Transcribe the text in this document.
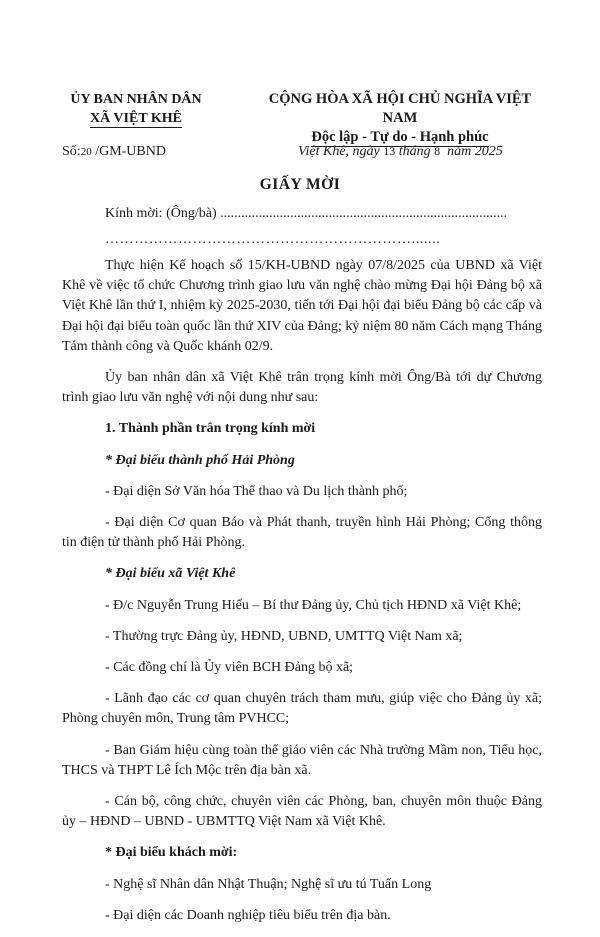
ỦY BAN NHÂN DÂN
XÃ VIỆT KHÊ
CỘNG HÒA XÃ HỘI CHỦ NGHĨA VIỆT NAM
Độc lập - Tự do - Hạnh phúc
Số:20 /GM-UBND	Việt Khê, ngày 13 tháng 8 năm 2025
GIẤY MỜI
Kính mời: (Ông/bà) ..................................................................................
……………………………………………………….......

Thực hiện Kế hoạch số 15/KH-UBND ngày 07/8/2025 của UBND xã Việt Khê về việc tổ chức Chương trình giao lưu văn nghệ chào mừng Đại hội Đảng bộ xã Việt Khê lần thứ I, nhiệm kỳ 2025-2030, tiến tới Đại hội đại biểu Đảng bộ các cấp và Đại hội đại biểu toàn quốc lần thứ XIV của Đảng; kỷ niệm 80 năm Cách mạng Tháng Tám thành công và Quốc khánh 02/9.

Ủy ban nhân dân xã Việt Khê trân trọng kính mời Ông/Bà tới dự Chương trình giao lưu văn nghệ với nội dung như sau:

1. Thành phần trân trọng kính mời

* Đại biểu thành phố Hải Phòng

- Đại diện Sở Văn hóa Thể thao và Du lịch thành phố;

- Đại diện Cơ quan Báo và Phát thanh, truyền hình Hải Phòng; Cổng thông tin điện tử thành phố Hải Phòng.

* Đại biểu xã Việt Khê

- Đ/c Nguyễn Trung Hiếu – Bí thư Đảng ủy, Chủ tịch HĐND xã Việt Khê;

- Thường trực Đảng ủy, HĐND, UBND, UMTTQ Việt Nam xã;

- Các đồng chí là Ủy viên BCH Đảng bộ xã;

- Lãnh đạo các cơ quan chuyên trách tham mưu, giúp việc cho Đảng ủy xã; Phòng chuyên môn, Trung tâm PVHCC;

- Ban Giám hiệu cùng toàn thể giáo viên các Nhà trường Mầm non, Tiểu học, THCS và THPT Lê Ích Mộc trên địa bàn xã.

- Cán bộ, công chức, chuyên viên các Phòng, ban, chuyên môn thuộc Đảng ủy – HĐND – UBND - UBMTTQ Việt Nam xã Việt Khê.

* Đại biểu khách mời:

- Nghệ sĩ Nhân dân Nhật Thuận; Nghệ sĩ ưu tú Tuấn Long

- Đại diện các Doanh nghiệp tiêu biểu trên địa bàn.
